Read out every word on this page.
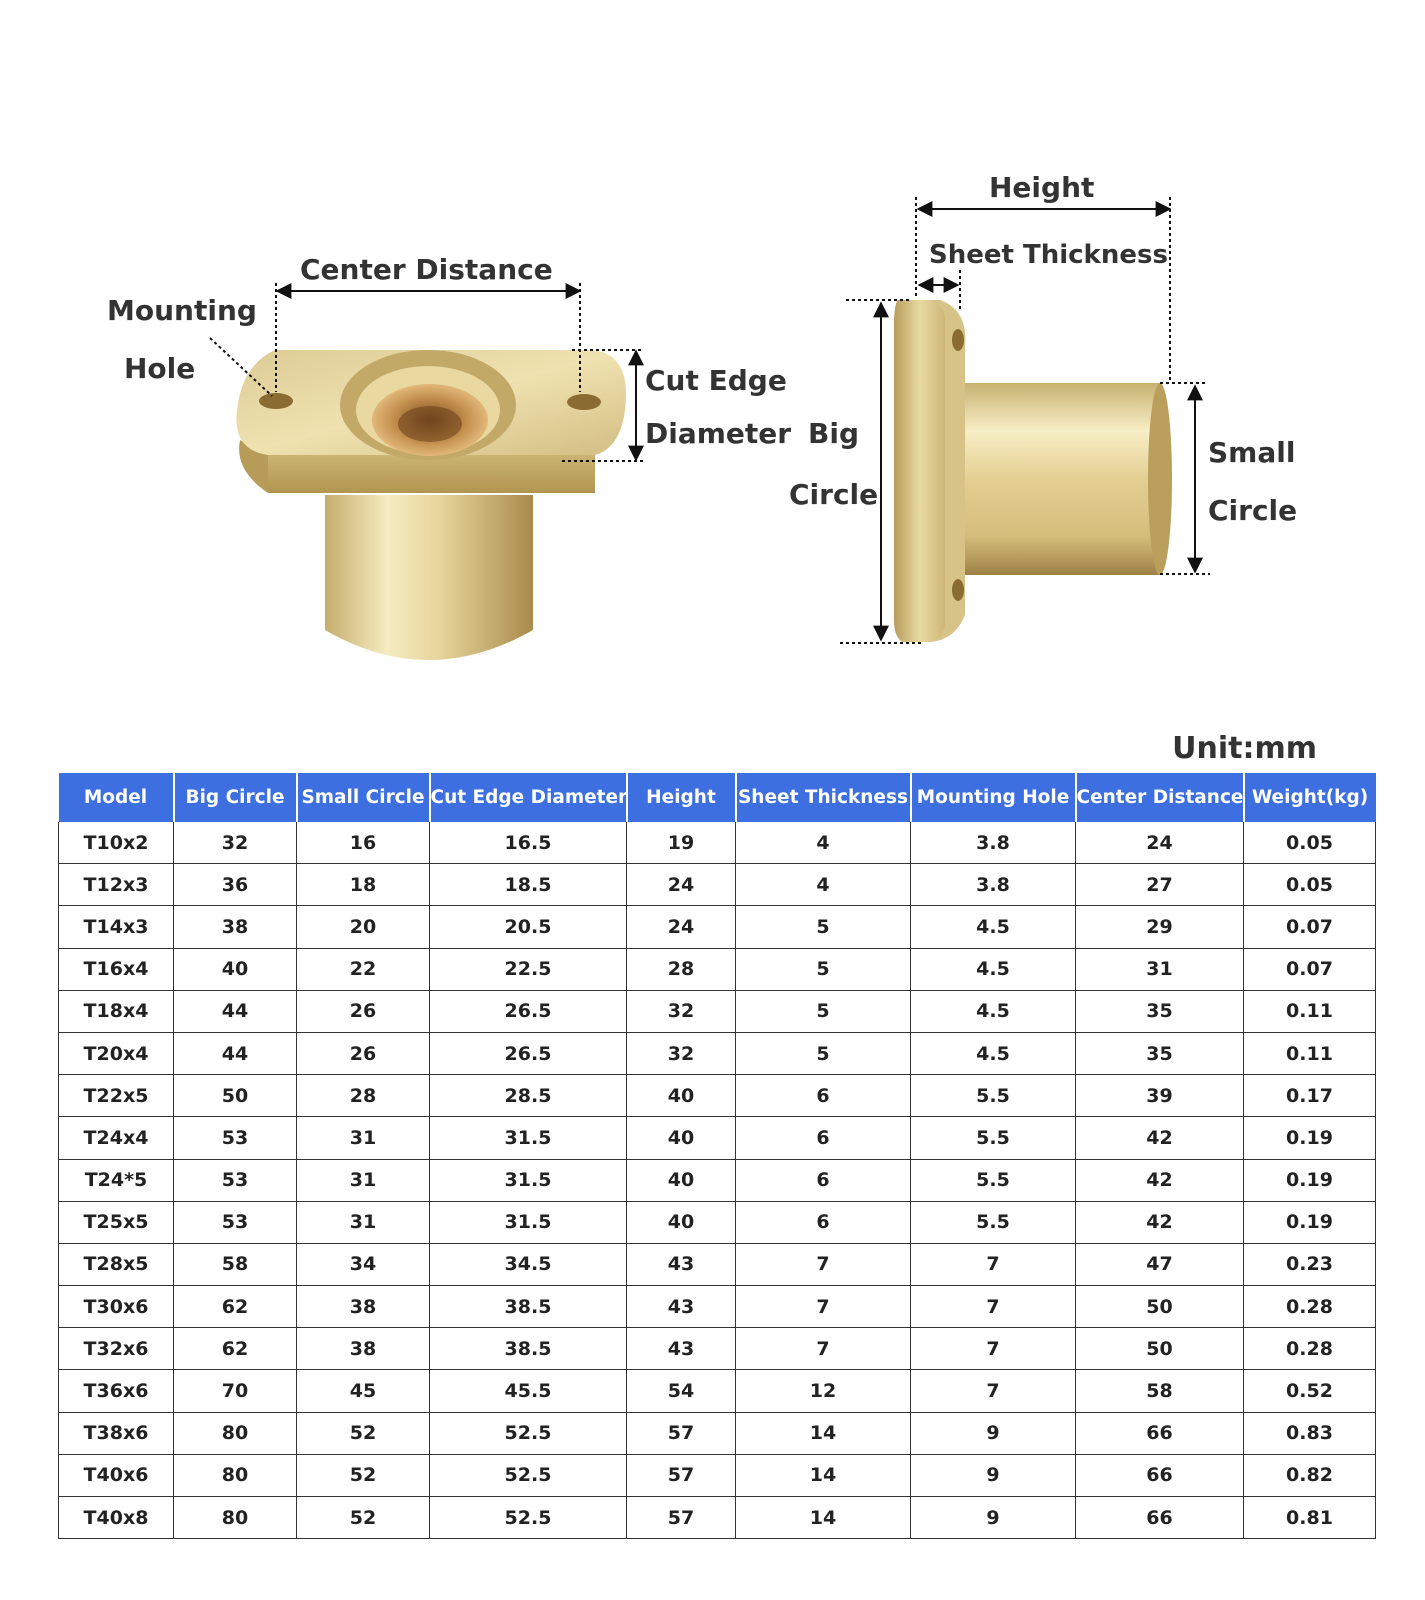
Center Distance
Mounting
Hole	Cut Edge
Diameter
Height
Sheet Thickness
Big
Circle
Small
Circle
Unit:mm
Model	Big Circle	Small Circle	Cut Edge Diameter	Height	Sheet Thickness	Mounting Hole	Center Distance	Weight(kg)
T10x2	32	16	16.5	19	4	3.8	24	0.05
T12x3	36	18	18.5	24	4	3.8	27	0.05
T14x3	38	20	20.5	24	5	4.5	29	0.07
T16x4	40	22	22.5	28	5	4.5	31	0.07
T18x4	44	26	26.5	32	5	4.5	35	0.11
T20x4	44	26	26.5	32	5	4.5	35	0.11
T22x5	50	28	28.5	40	6	5.5	39	0.17
T24x4	53	31	31.5	40	6	5.5	42	0.19
T24*5	53	31	31.5	40	6	5.5	42	0.19
T25x5	53	31	31.5	40	6	5.5	42	0.19
T28x5	58	34	34.5	43	7	7	47	0.23
T30x6	62	38	38.5	43	7	7	50	0.28
T32x6	62	38	38.5	43	7	7	50	0.28
T36x6	70	45	45.5	54	12	7	58	0.52
T38x6	80	52	52.5	57	14	9	66	0.83
T40x6	80	52	52.5	57	14	9	66	0.82
T40x8	80	52	52.5	57	14	9	66	0.81
